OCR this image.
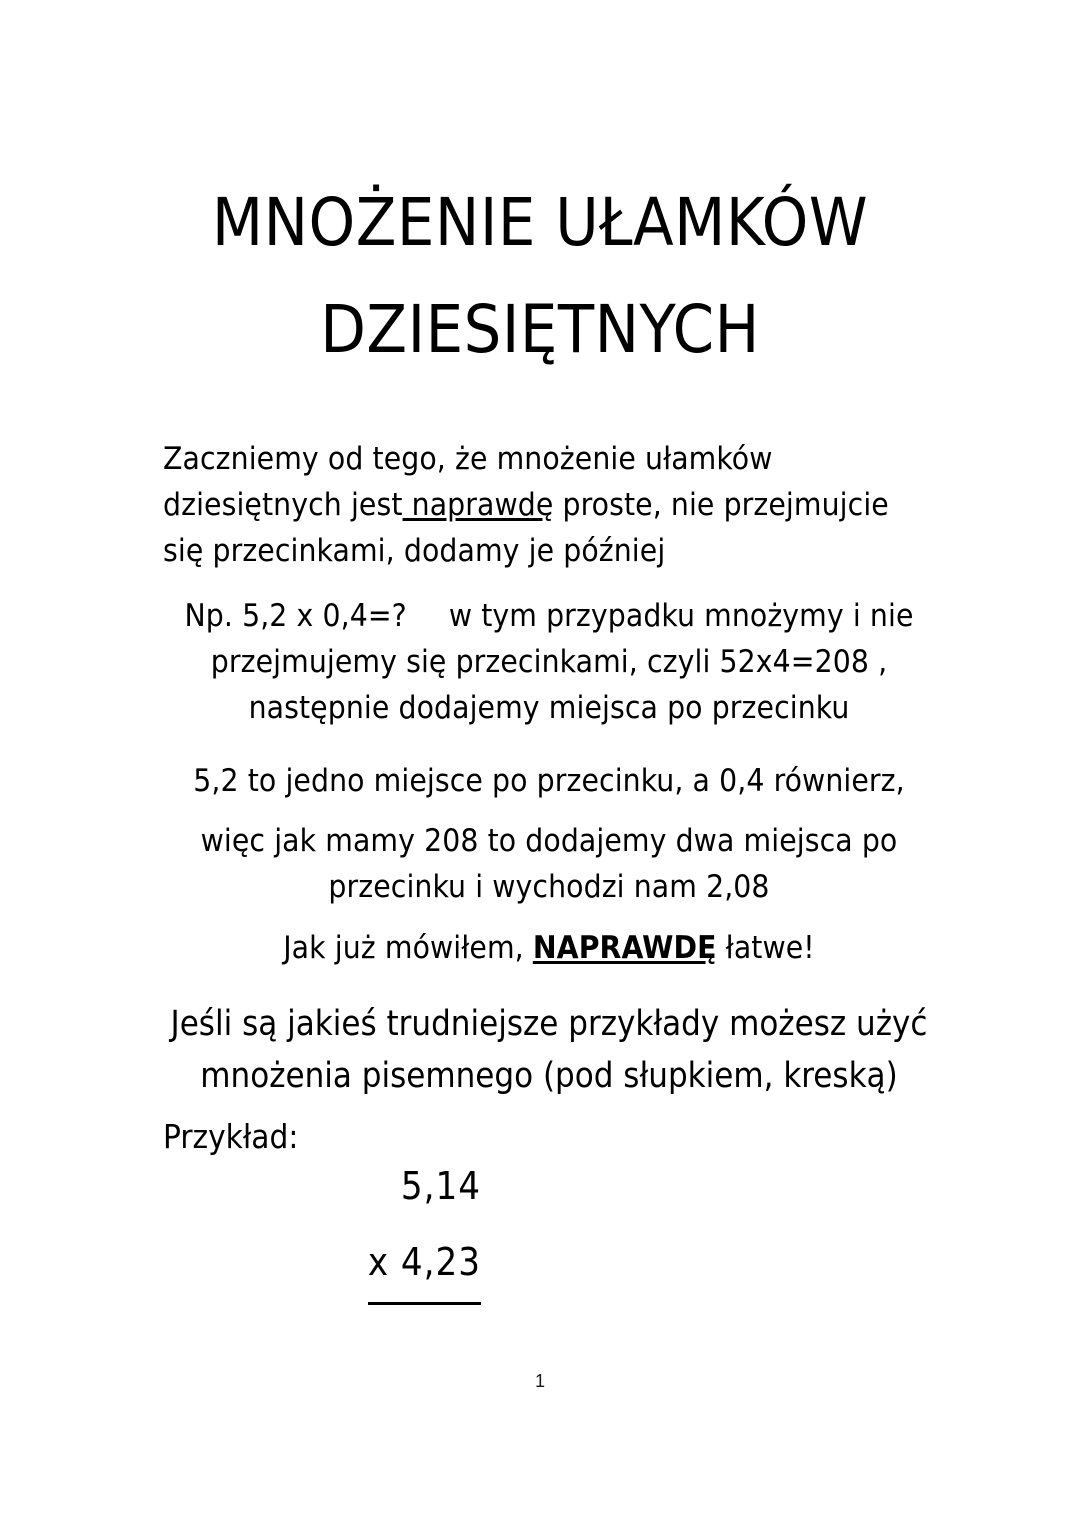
MNOŻENIE UŁAMKÓW
DZIESIĘTNYCH

Zaczniemy od tego, że mnożenie ułamków dziesiętnych jest naprawdę proste, nie przejmujcie się przecinkami, dodamy je później

Np. 5,2 x 0,4=? w tym przypadku mnożymy i nie przejmujemy się przecinkami, czyli 52x4=208 , następnie dodajemy miejsca po przecinku

5,2 to jedno miejsce po przecinku, a 0,4 równierz,

więc jak mamy 208 to dodajemy dwa miejsca po przecinku i wychodzi nam 2,08

Jak już mówiłem, NAPRAWDĘ łatwe!

Jeśli są jakieś trudniejsze przykłady możesz użyć mnożenia pisemnego (pod słupkiem, kreską)

Przykład:

5,14
x 4,23
1
